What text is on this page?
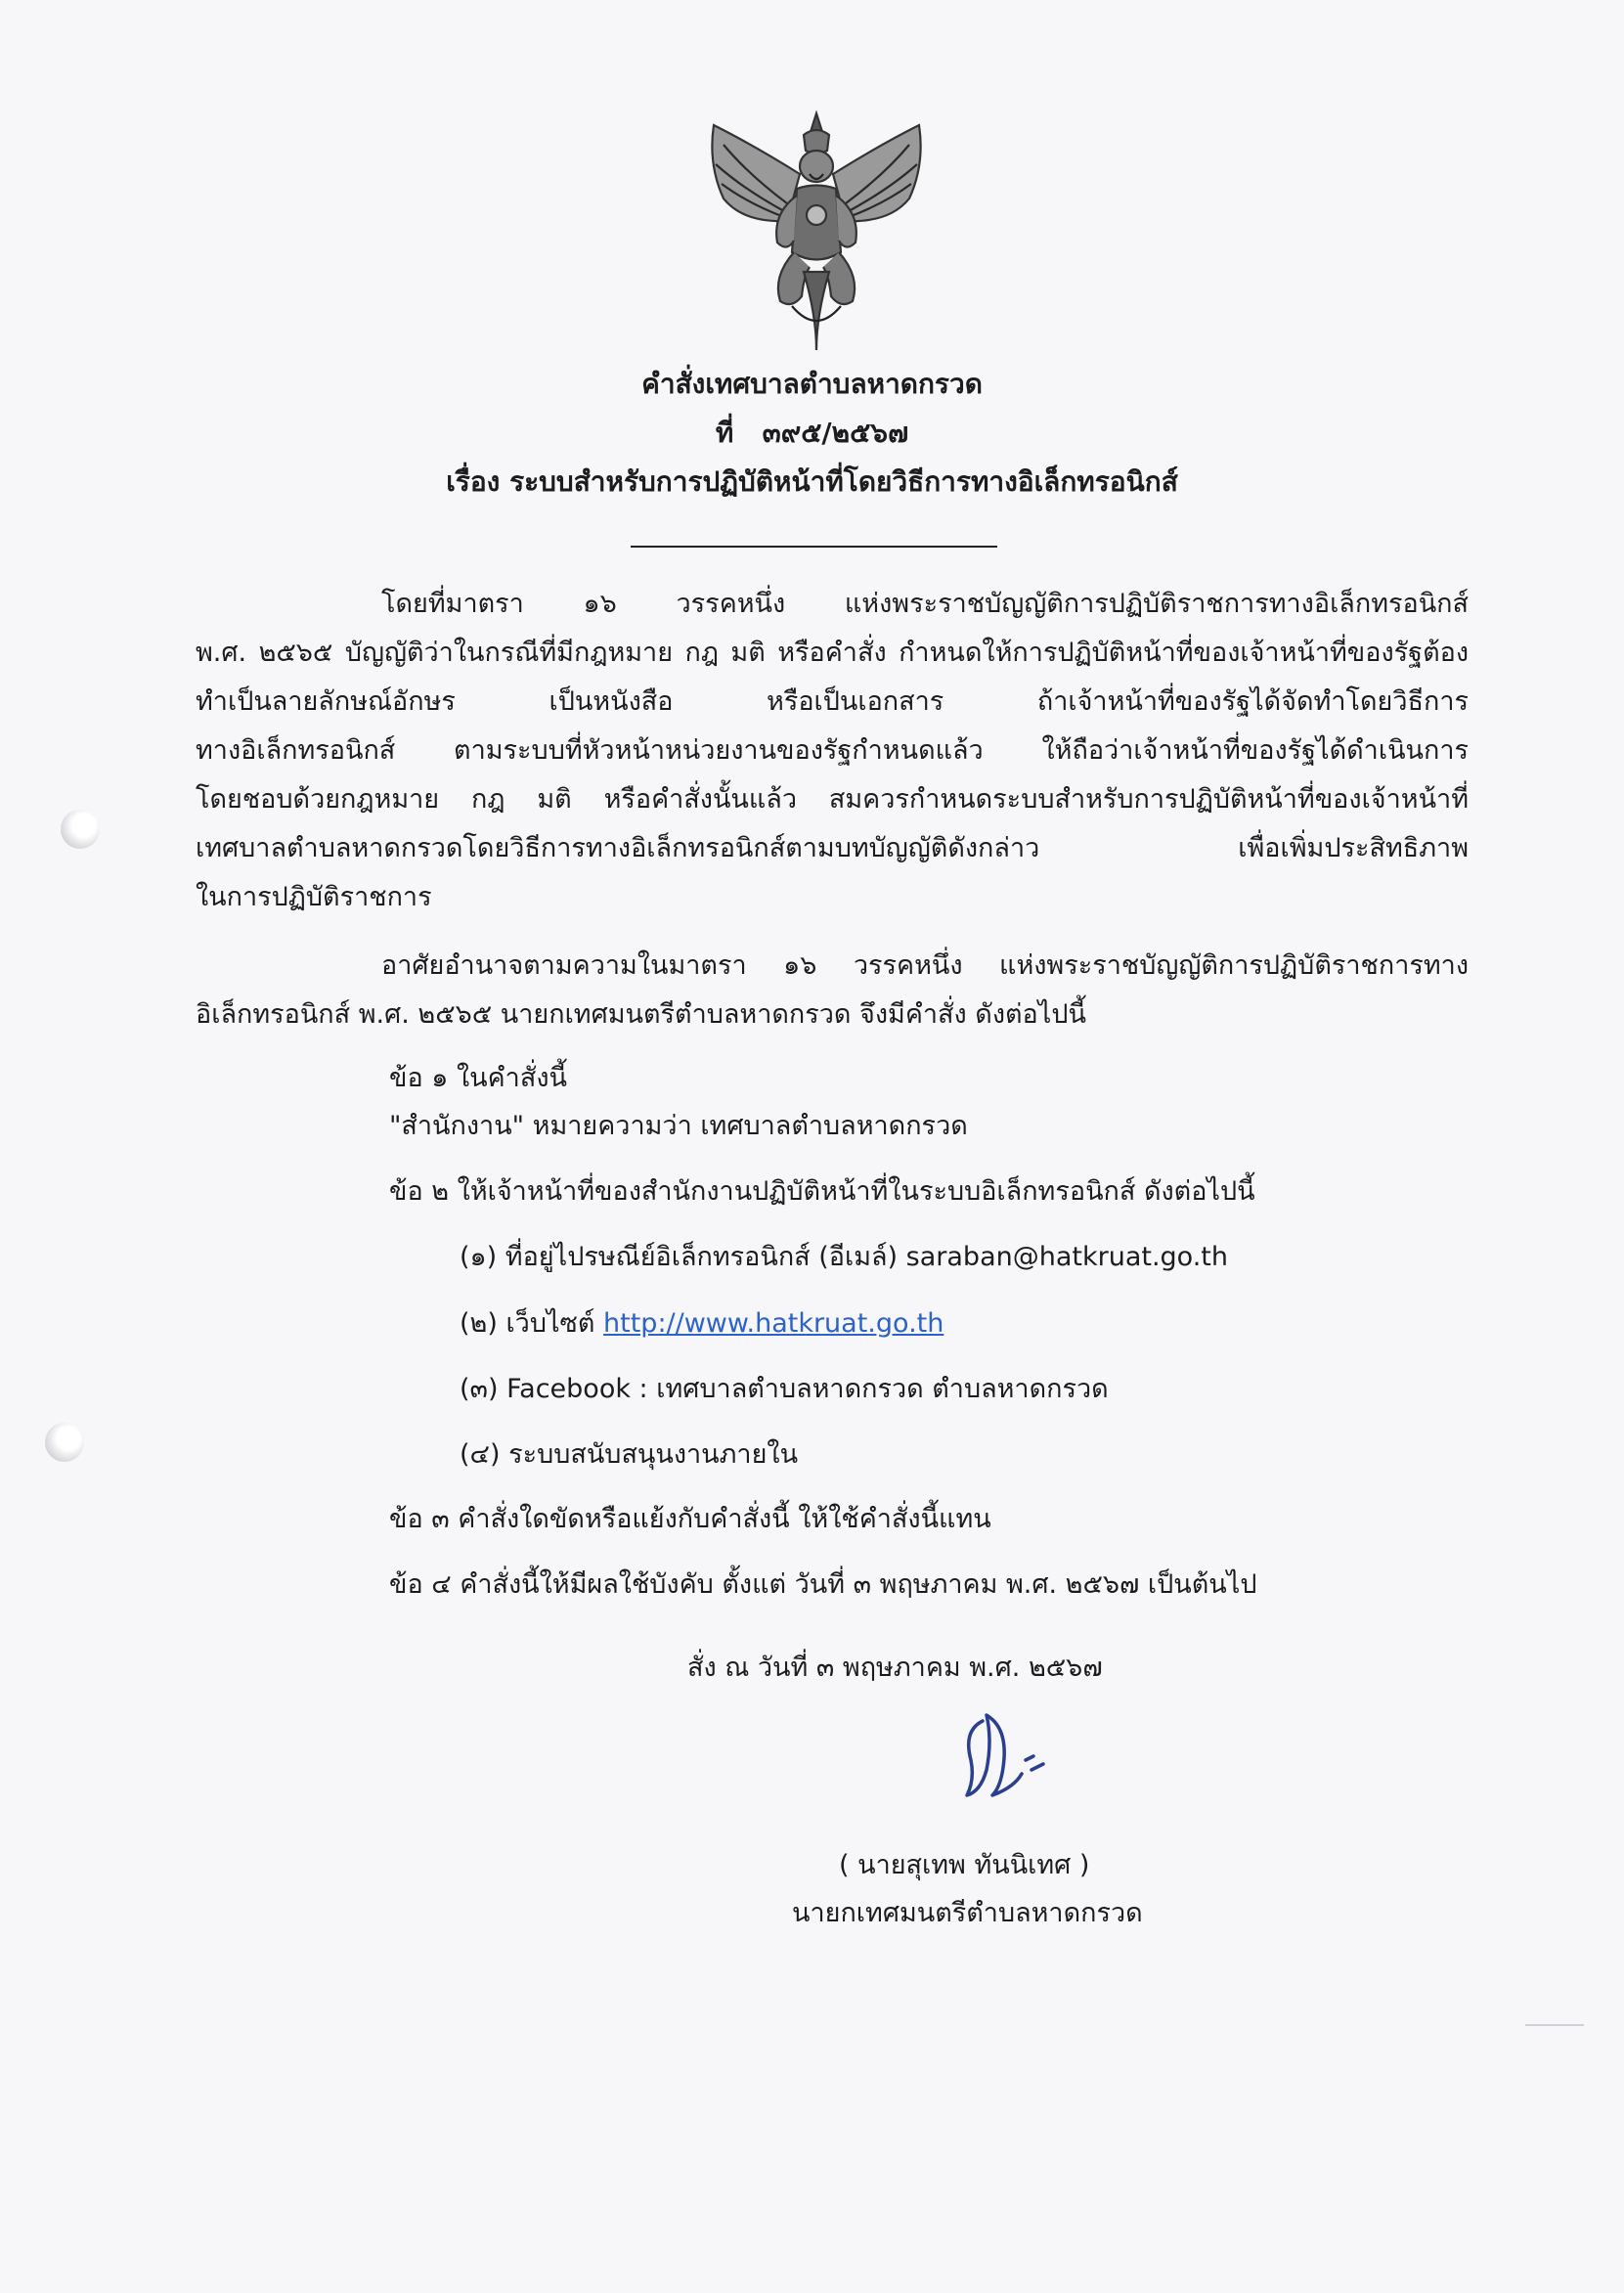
คำสั่งเทศบาลตำบลหาดกรวด
ที่ ๓๙๕/๒๕๖๗
เรื่อง ระบบสำหรับการปฏิบัติหน้าที่โดยวิธีการทางอิเล็กทรอนิกส์
โดยที่มาตรา ๑๖ วรรคหนึ่ง แห่งพระราชบัญญัติการปฏิบัติราชการทางอิเล็กทรอนิกส์
พ.ศ. ๒๕๖๕ บัญญัติว่าในกรณีที่มีกฎหมาย กฎ มติ หรือคำสั่ง กำหนดให้การปฏิบัติหน้าที่ของเจ้าหน้าที่ของรัฐต้อง
ทำเป็นลายลักษณ์อักษร เป็นหนังสือ หรือเป็นเอกสาร ถ้าเจ้าหน้าที่ของรัฐได้จัดทำโดยวิธีการ
ทางอิเล็กทรอนิกส์ ตามระบบที่หัวหน้าหน่วยงานของรัฐกำหนดแล้ว ให้ถือว่าเจ้าหน้าที่ของรัฐได้ดำเนินการ
โดยชอบด้วยกฎหมาย กฎ มติ หรือคำสั่งนั้นแล้ว สมควรกำหนดระบบสำหรับการปฏิบัติหน้าที่ของเจ้าหน้าที่
เทศบาลตำบลหาดกรวดโดยวิธีการทางอิเล็กทรอนิกส์ตามบทบัญญัติดังกล่าว เพื่อเพิ่มประสิทธิภาพ
ในการปฏิบัติราชการ
อาศัยอำนาจตามความในมาตรา ๑๖ วรรคหนึ่ง แห่งพระราชบัญญัติการปฏิบัติราชการทาง
อิเล็กทรอนิกส์ พ.ศ. ๒๕๖๕ นายกเทศมนตรีตำบลหาดกรวด จึงมีคำสั่ง ดังต่อไปนี้

ข้อ ๑ ในคำสั่งนี้

"สำนักงาน" หมายความว่า เทศบาลตำบลหาดกรวด

ข้อ ๒ ให้เจ้าหน้าที่ของสำนักงานปฏิบัติหน้าที่ในระบบอิเล็กทรอนิกส์ ดังต่อไปนี้

(๑) ที่อยู่ไปรษณีย์อิเล็กทรอนิกส์ (อีเมล์) saraban@hatkruat.go.th

(๒) เว็บไซต์ http://www.hatkruat.go.th

(๓) Facebook : เทศบาลตำบลหาดกรวด ตำบลหาดกรวด

(๔) ระบบสนับสนุนงานภายใน

ข้อ ๓ คำสั่งใดขัดหรือแย้งกับคำสั่งนี้ ให้ใช้คำสั่งนี้แทน

ข้อ ๔ คำสั่งนี้ให้มีผลใช้บังคับ ตั้งแต่ วันที่ ๓ พฤษภาคม พ.ศ. ๒๕๖๗ เป็นต้นไป

สั่ง ณ วันที่ ๓ พฤษภาคม พ.ศ. ๒๕๖๗

( นายสุเทพ ทันนิเทศ )

นายกเทศมนตรีตำบลหาดกรวด
